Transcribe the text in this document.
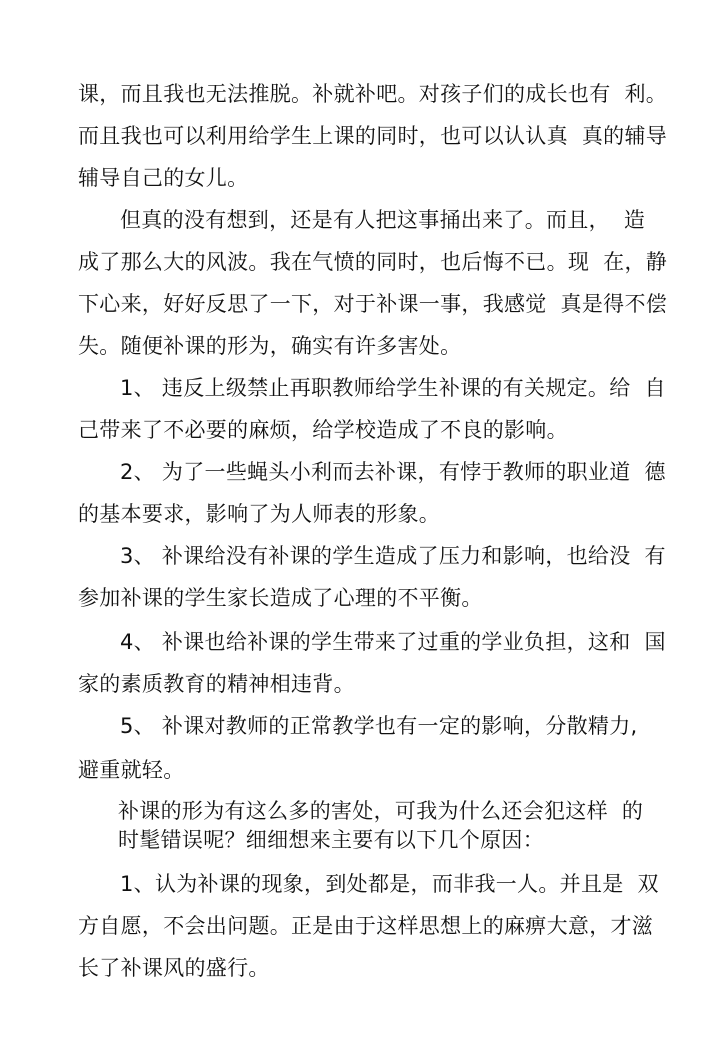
课，而且我也无法推脱。补就补吧。对孩子们的成长也有  利。
而且我也可以利用给学生上课的同时，也可以认认真  真的辅导
辅导自己的女儿。
但真的没有想到，还是有人把这事捅出来了。而且，  造
成了那么大的风波。我在气愤的同时，也后悔不已。现  在，静
下心来，好好反思了一下，对于补课一事，我感觉  真是得不偿
失。随便补课的形为，确实有许多害处。
1、 违反上级禁止再职教师给学生补课的有关规定。给  自
己带来了不必要的麻烦，给学校造成了不良的影响。
2、 为了一些蝇头小利而去补课，有悖于教师的职业道  德
的基本要求，影响了为人师表的形象。
3、 补课给没有补课的学生造成了压力和影响，也给没  有
参加补课的学生家长造成了心理的不平衡。
4、 补课也给补课的学生带来了过重的学业负担，这和  国
家的素质教育的精神相违背。
5、 补课对教师的正常教学也有一定的影响，分散精力,
避重就轻。
补课的形为有这么多的害处，可我为什么还会犯这样  的
时髦错误呢？细细想来主要有以下几个原因：
1、认为补课的现象，到处都是，而非我一人。并且是  双
方自愿，不会出问题。正是由于这样思想上的麻痹大意，才滋
长了补课风的盛行。
